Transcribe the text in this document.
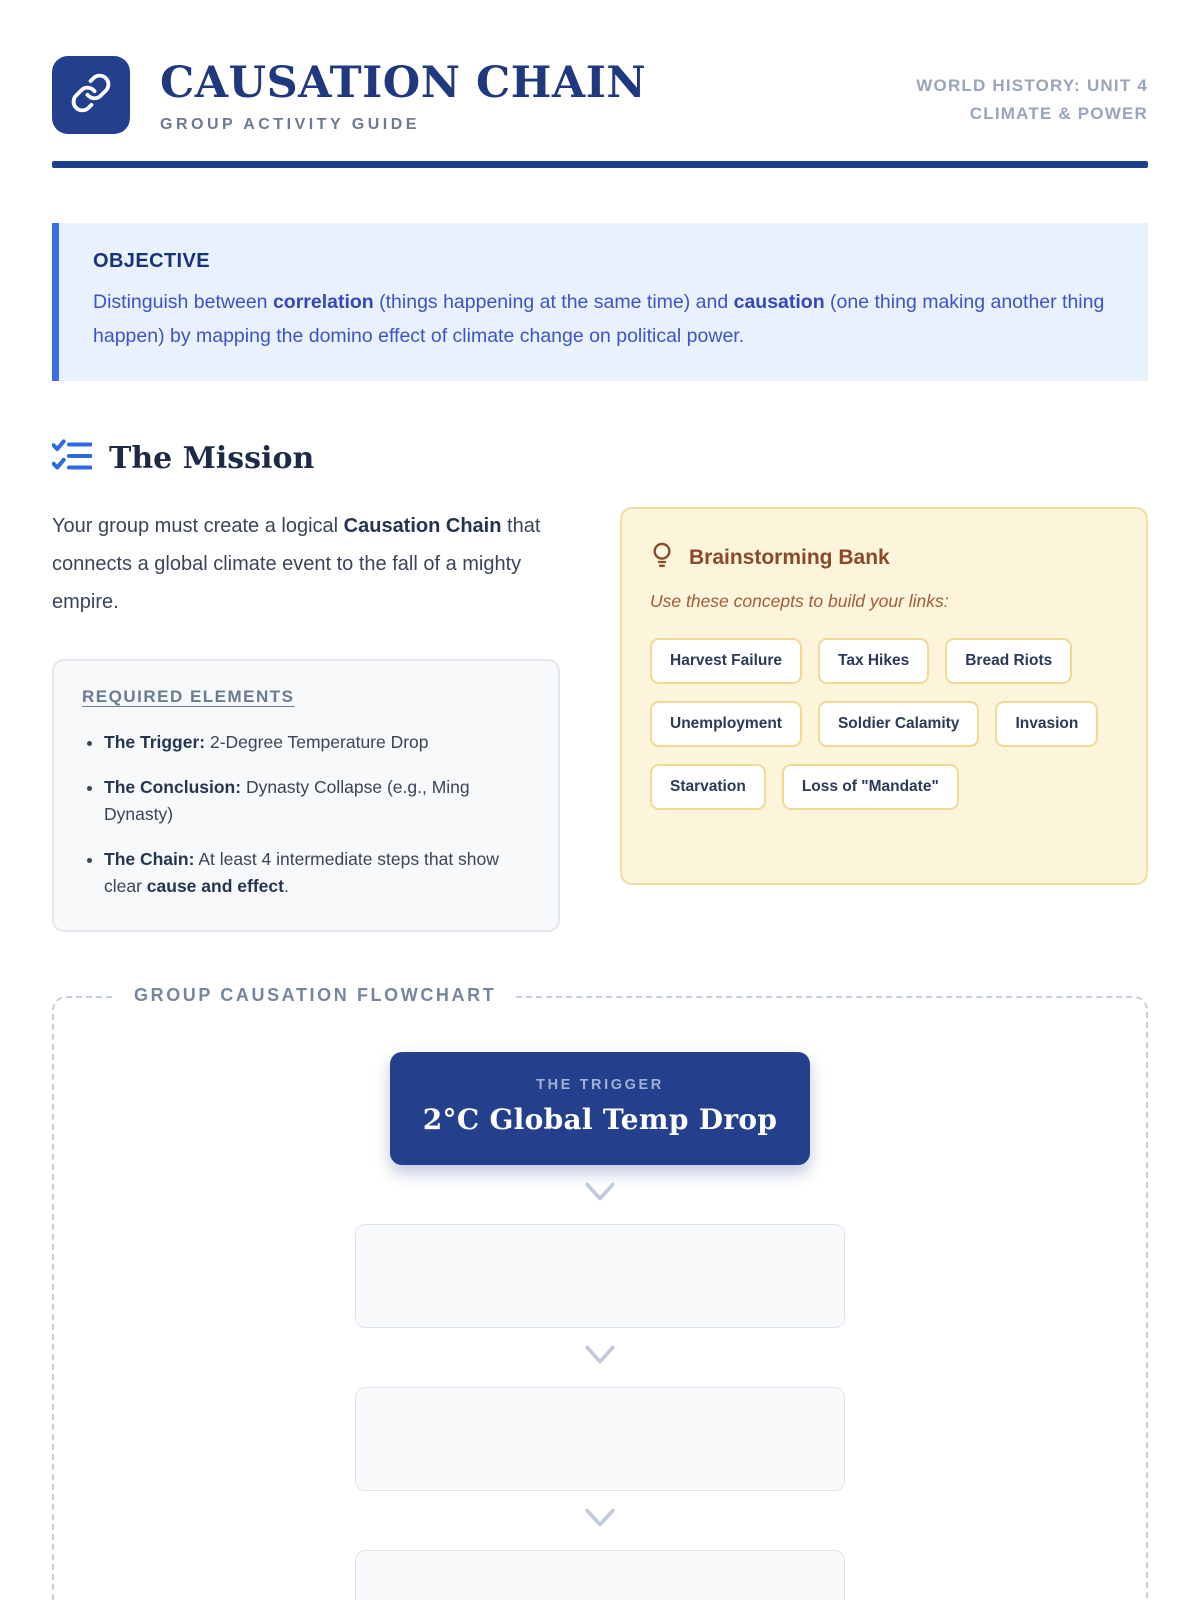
CAUSATION CHAIN
GROUP ACTIVITY GUIDE
WORLD HISTORY: UNIT 4
CLIMATE & POWER
OBJECTIVE

Distinguish between correlation (things happening at the same time) and causation (one thing making another thing happen) by mapping the domino effect of climate change on political power.

The Mission

Your group must create a logical Causation Chain that connects a global climate event to the fall of a mighty empire.

REQUIRED ELEMENTS
• The Trigger: 2-Degree Temperature Drop
• The Conclusion: Dynasty Collapse (e.g., Ming Dynasty)
• The Chain: At least 4 intermediate steps that show clear cause and effect.
Brainstorming Bank
Use these concepts to build your links:
Harvest Failure	Tax Hikes	Bread Riots
Unemployment	Soldier Calamity	Invasion
Starvation	Loss of "Mandate"
GROUP CAUSATION FLOWCHART
THE TRIGGER
2°C Global Temp Drop
